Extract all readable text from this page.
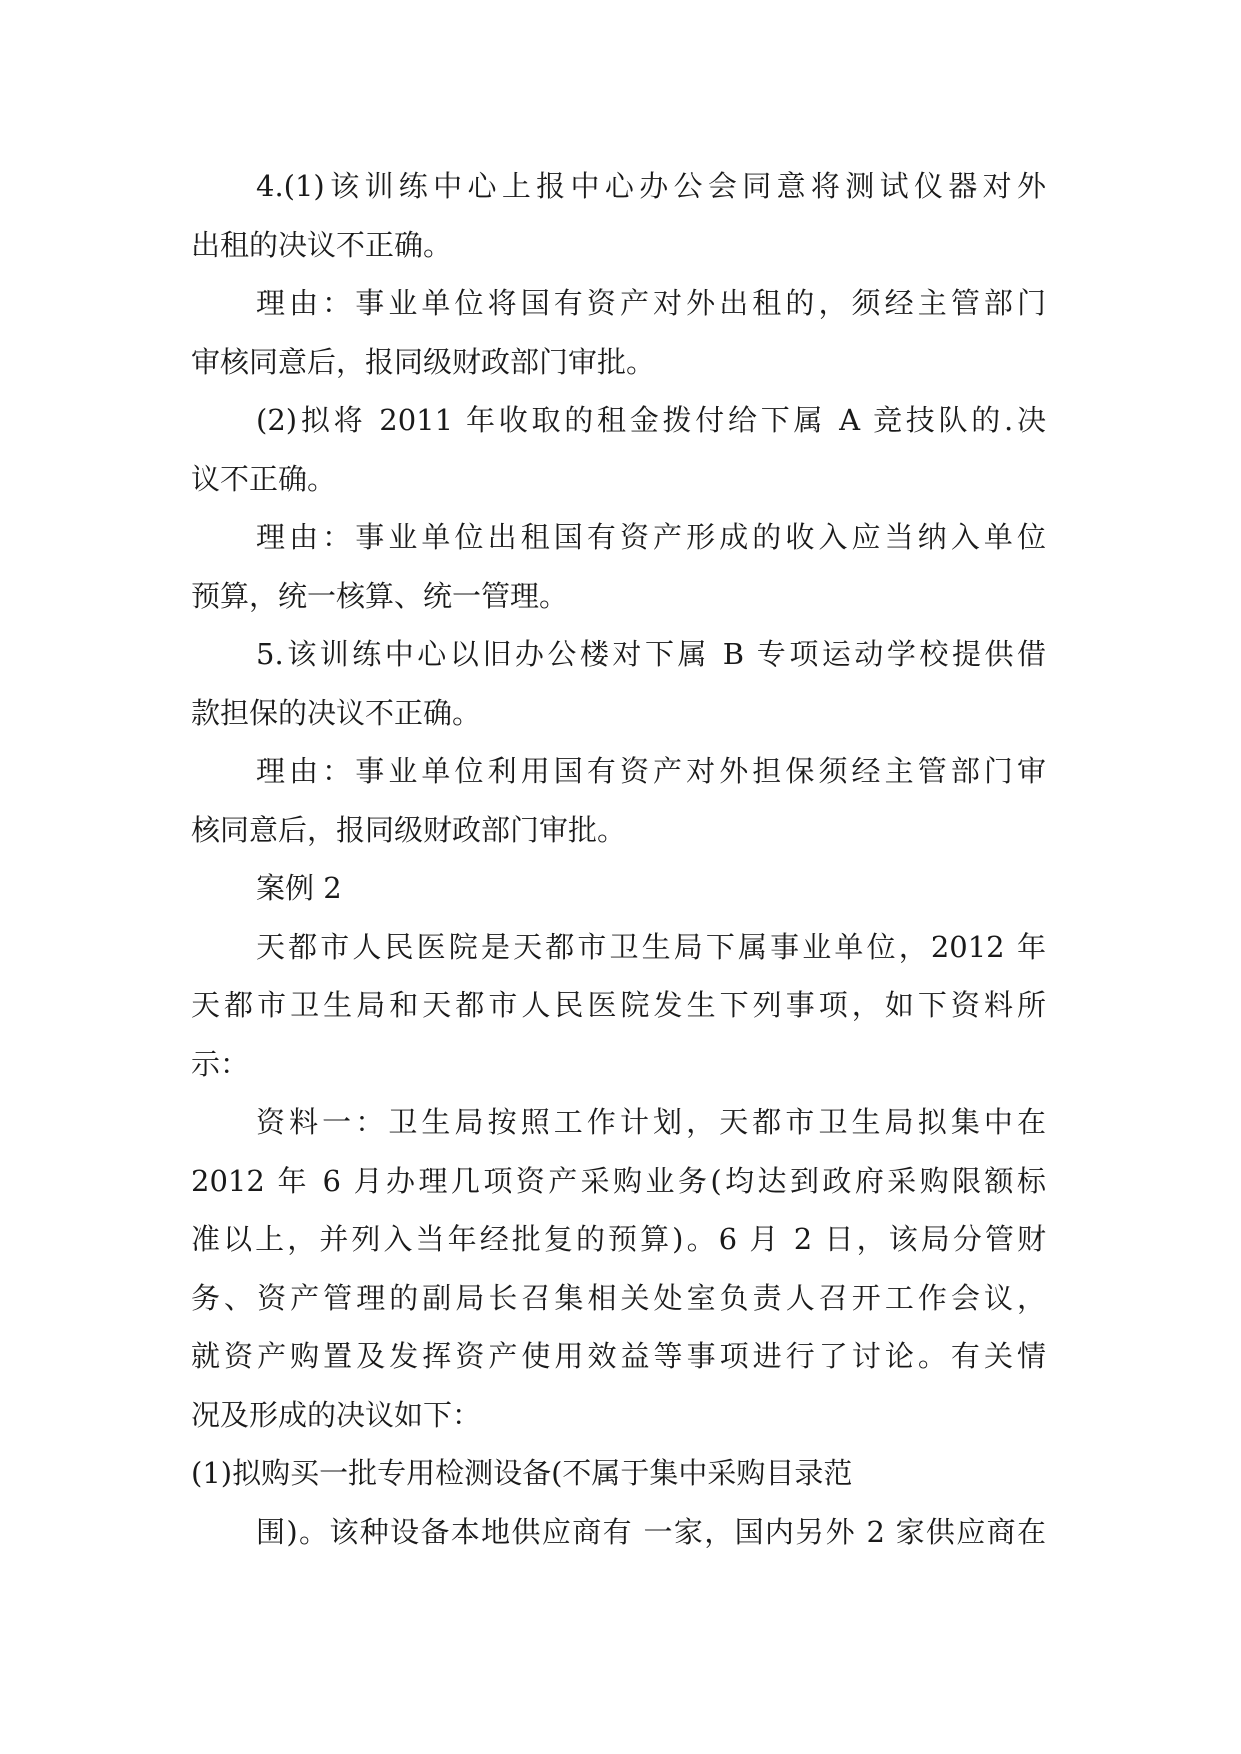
4.(1)该训练中心上报中心办公会同意将测试仪器对外
出租的决议不正确。
理由：事业单位将国有资产对外出租的，须经主管部门
审核同意后，报同级财政部门审批。
(2)拟将 2011 年收取的租金拨付给下属 A 竞技队的.决
议不正确。
理由：事业单位出租国有资产形成的收入应当纳入单位
预算，统一核算、统一管理。
5.该训练中心以旧办公楼对下属 B 专项运动学校提供借
款担保的决议不正确。
理由：事业单位利用国有资产对外担保须经主管部门审
核同意后，报同级财政部门审批。
案例 2
天都市人民医院是天都市卫生局下属事业单位，2012 年
天都市卫生局和天都市人民医院发生下列事项，如下资料所
示：
资料一：卫生局按照工作计划，天都市卫生局拟集中在
2012 年 6 月办理几项资产采购业务(均达到政府采购限额标
准以上，并列入当年经批复的预算)。6 月 2 日，该局分管财
务、资产管理的副局长召集相关处室负责人召开工作会议，
就资产购置及发挥资产使用效益等事项进行了讨论。有关情
况及形成的决议如下：
(1)拟购买一批专用检测设备(不属于集中采购目录范
围)。该种设备本地供应商有 一家，国内另外 2 家供应商在
